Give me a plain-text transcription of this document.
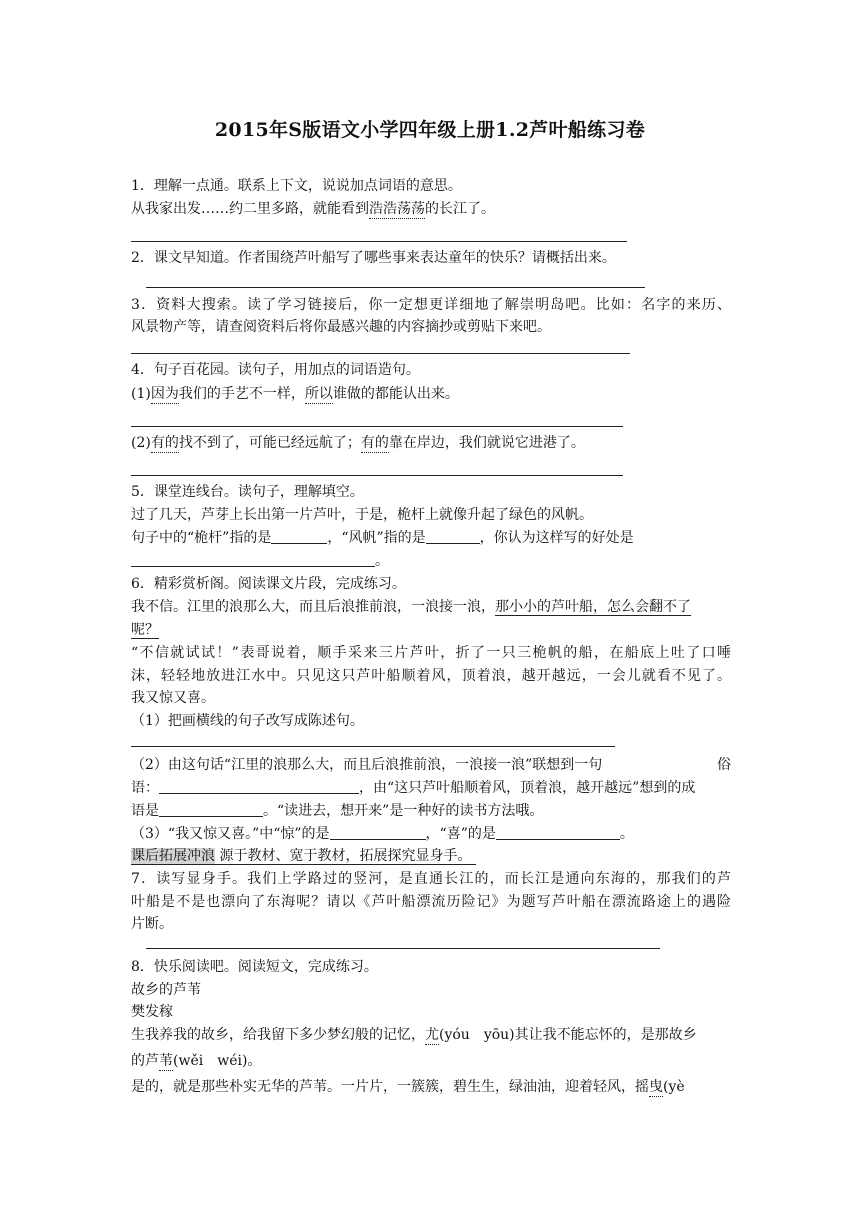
2015年S版语文小学四年级上册1.2芦叶船练习卷
1．理解一点通。联系上下文，说说加点词语的意思。
从我家出发……约二里多路，就能看到浩浩荡荡的长江了。
2．课文早知道。作者围绕芦叶船写了哪些事来表达童年的快乐？请概括出来。
3．资料大搜索。读了学习链接后，你一定想更详细地了解崇明岛吧。比如：名字的来历、
风景物产等，请查阅资料后将你最感兴趣的内容摘抄或剪贴下来吧。
4．句子百花园。读句子，用加点的词语造句。
(1)因为我们的手艺不一样，所以谁做的都能认出来。
(2)有的找不到了，可能已经远航了；有的靠在岸边，我们就说它进港了。
5．课堂连线台。读句子，理解填空。
过了几天，芦芽上长出第一片芦叶，于是，桅杆上就像升起了绿色的风帆。
句子中的“桅杆”指的是	，“风帆”指的是	，你认为这样写的好处是
。
6．精彩赏析阁。阅读课文片段，完成练习。
我不信。江里的浪那么大，而且后浪推前浪，一浪接一浪，那小小的芦叶船，怎么会翻不了
呢？
“不信就试试！”表哥说着，顺手采来三片芦叶，折了一只三桅帆的船，在船底上吐了口唾
沫，轻轻地放进江水中。只见这只芦叶船顺着风，顶着浪，越开越远，一会儿就看不见了。
我又惊又喜。
（1）把画横线的句子改写成陈述句。
（2）由这句话“江里的浪那么大，而且后浪推前浪，一浪接一浪”联想到一句	俗
语：	，由“这只芦叶船顺着风，顶着浪，越开越远”想到的成
语是	。“读进去，想开来”是一种好的读书方法哦。
（3）“我又惊又喜。”中“惊”的是	，“喜”的是	。
课后拓展冲浪 源于教材、宽于教材，拓展探究显身手。
7．读写显身手。我们上学路过的竖河，是直通长江的，而长江是通向东海的，那我们的芦
叶船是不是也漂向了东海呢？请以《芦叶船漂流历险记》为题写芦叶船在漂流路途上的遇险
片断。
8．快乐阅读吧。阅读短文，完成练习。
故乡的芦苇
樊发稼
生我养我的故乡，给我留下多少梦幻般的记忆，尤(yóu　yōu)其让我不能忘怀的，是那故乡
的芦苇(wěi　wéi)。
是的，就是那些朴实无华的芦苇。一片片，一簇簇，碧生生，绿油油，迎着轻风，摇曳(yè
